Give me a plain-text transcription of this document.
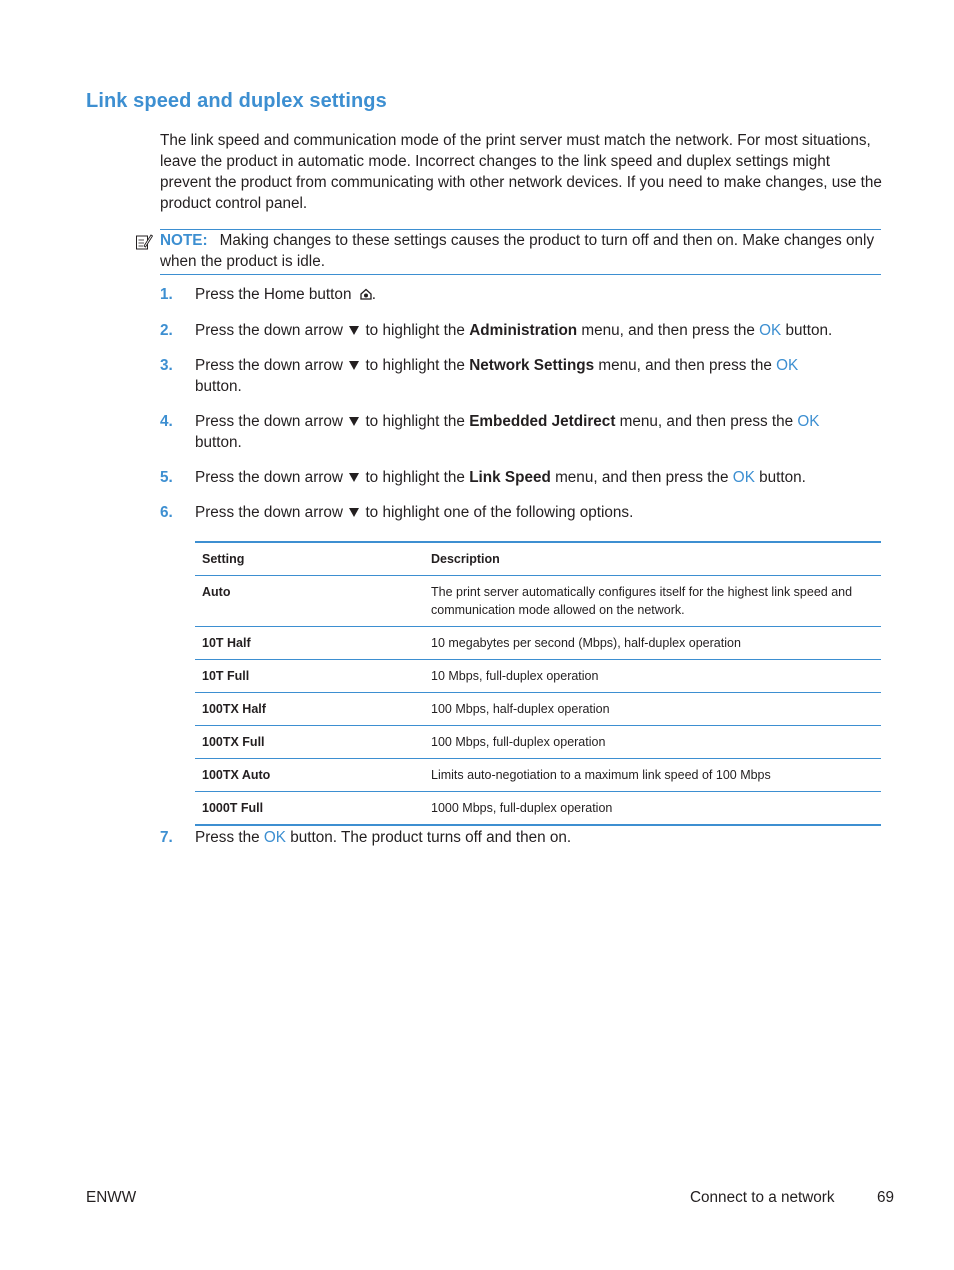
Link speed and duplex settings

The link speed and communication mode of the print server must match the network. For most situations, leave the product in automatic mode. Incorrect changes to the link speed and duplex settings might prevent the product from communicating with other network devices. If you need to make changes, use the product control panel.

NOTE: Making changes to these settings causes the product to turn off and then on. Make changes only when the product is idle.
1. Press the Home button .
2. Press the down arrow to highlight the Administration menu, and then press the OK button.
3. Press the down arrow to highlight the Network Settings menu, and then press the OK
button.
4. Press the down arrow to highlight the Embedded Jetdirect menu, and then press the OK
button.
5. Press the down arrow to highlight the Link Speed menu, and then press the OK button.
6. Press the down arrow to highlight one of the following options.
Setting	Description
Auto	The print server automatically configures itself for the highest link speed and communication mode allowed on the network.
10T Half	10 megabytes per second (Mbps), half-duplex operation
10T Full	10 Mbps, full-duplex operation
100TX Half	100 Mbps, half-duplex operation
100TX Full	100 Mbps, full-duplex operation
100TX Auto	Limits auto-negotiation to a maximum link speed of 100 Mbps
1000T Full	1000 Mbps, full-duplex operation
7. Press the OK button. The product turns off and then on.
ENWW	Connect to a network	69
